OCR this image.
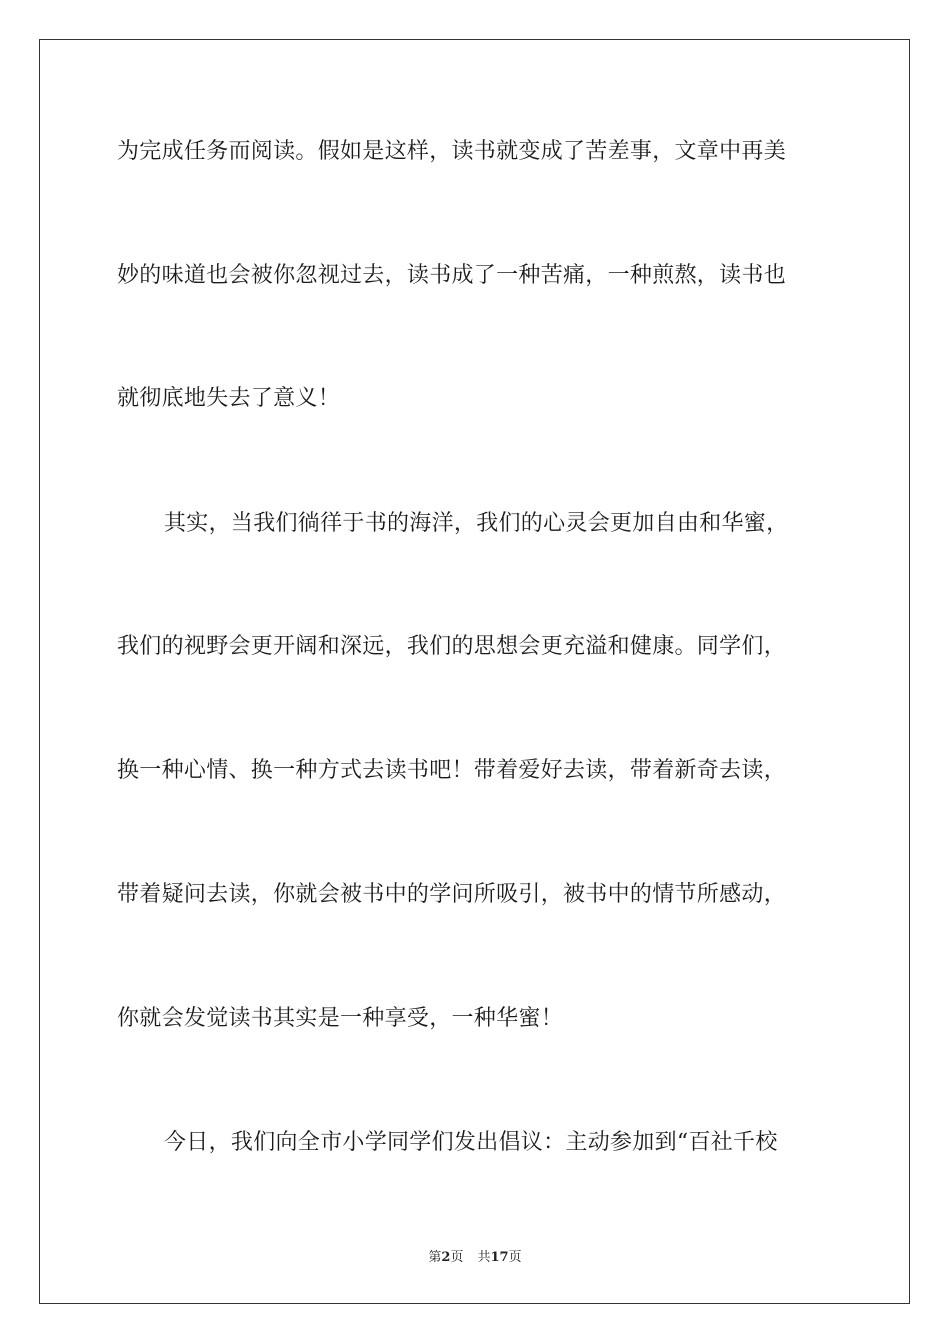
为完成任务而阅读。假如是这样，读书就变成了苦差事，文章中再美
妙的味道也会被你忽视过去，读书成了一种苦痛，一种煎熬，读书也
就彻底地失去了意义！
其实，当我们徜徉于书的海洋，我们的心灵会更加自由和华蜜，
我们的视野会更开阔和深远，我们的思想会更充溢和健康。同学们，
换一种心情、换一种方式去读书吧！带着爱好去读，带着新奇去读，
带着疑问去读，你就会被书中的学问所吸引，被书中的情节所感动，
你就会发觉读书其实是一种享受，一种华蜜！
今日，我们向全市小学同学们发出倡议：主动参加到“百社千校
第2页 共17页
